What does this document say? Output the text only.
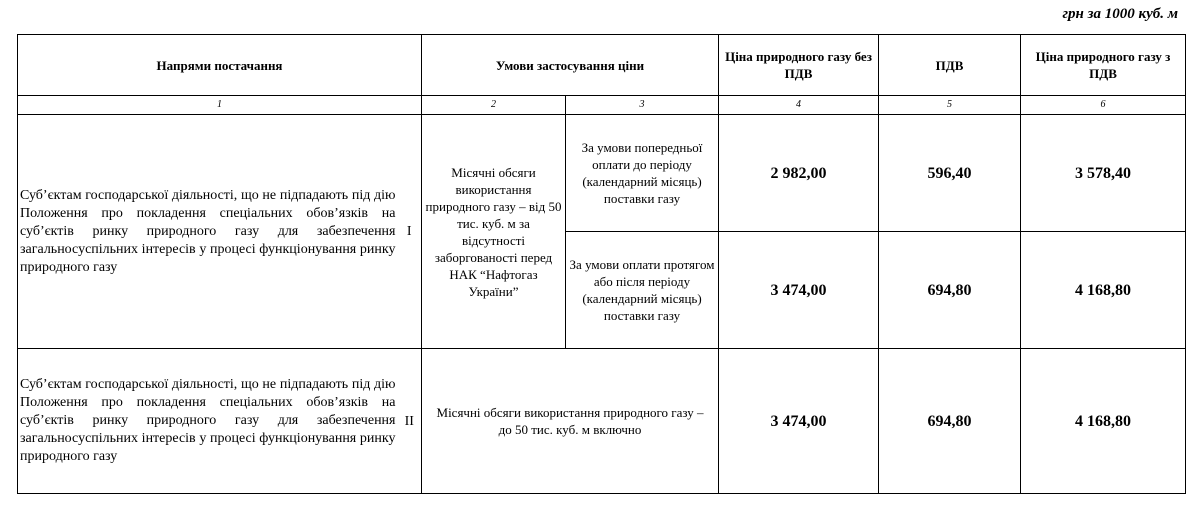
грн за 1000 куб. м
Напрями постачання		Умови застосування ціни		Ціна природного газу без ПДВ	ПДВ	Ціна природного газу з ПДВ
1		2	3	4	5	6
Суб’єктам господарської діяльності, що не підпадають під дію Положення про покладення спеціальних обов’язків на суб’єктів ринку природного газу для забезпечення загальносуспільних інтересів у процесі функціонування ринку природного газу	I	Місячні обсяги використання природного газу – від 50 тис. куб. м за відсутності заборгованості перед НАК “Нафтогаз України”	За умови попередньої оплати до періоду (календарний місяць) поставки газу	2 982,00	596,40	3 578,40
			За умови оплати протягом або після періоду (календарний місяць) поставки газу	3 474,00	694,80	4 168,80
Суб’єктам господарської діяльності, що не підпадають під дію Положення про покладення спеціальних обов’язків на суб’єктів ринку природного газу для забезпечення загальносуспільних інтересів у процесі функціонування ринку природного газу	II	Місячні обсяги використання природного газу – до 50 тис. куб. м включно		3 474,00	694,80	4 168,80
